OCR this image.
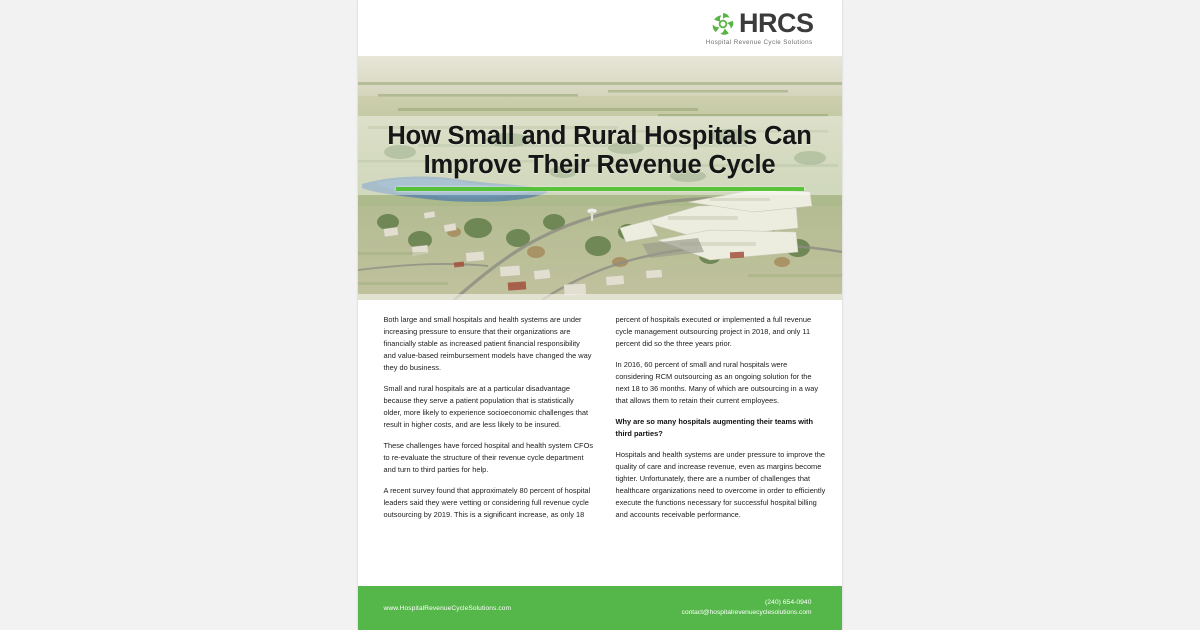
HRCS
Hospital Revenue Cycle Solutions
How Small and Rural Hospitals Can
Improve Their Revenue Cycle

Both large and small hospitals and health systems are under increasing pressure to ensure that their organizations are financially stable as increased patient financial responsibility and value-based reimbursement models have changed the way they do business.

Small and rural hospitals are at a particular disadvantage because they serve a patient population that is statistically older, more likely to experience socioeconomic challenges that result in higher costs, and are less likely to be insured.

These challenges have forced hospital and health system CFOs to re-evaluate the structure of their revenue cycle department and turn to third parties for help.

A recent survey found that approximately 80 percent of hospital leaders said they were vetting or considering full revenue cycle outsourcing by 2019. This is a significant increase, as only 18

percent of hospitals executed or implemented a full revenue cycle management outsourcing project in 2018, and only 11 percent did so the three years prior.

In 2016, 60 percent of small and rural hospitals were considering RCM outsourcing as an ongoing solution for the next 18 to 36 months. Many of which are outsourcing in a way that allows them to retain their current employees.

Why are so many hospitals augmenting their teams with third parties?

Hospitals and health systems are under pressure to improve the quality of care and increase revenue, even as margins become tighter. Unfortunately, there are a number of challenges that healthcare organizations need to overcome in order to efficiently execute the functions necessary for successful hospital billing and accounts receivable performance.

www.HospitalRevenueCycleSolutions.com
(240) 654-0940
contact@hospitalrevenuecyclesolutions.com
